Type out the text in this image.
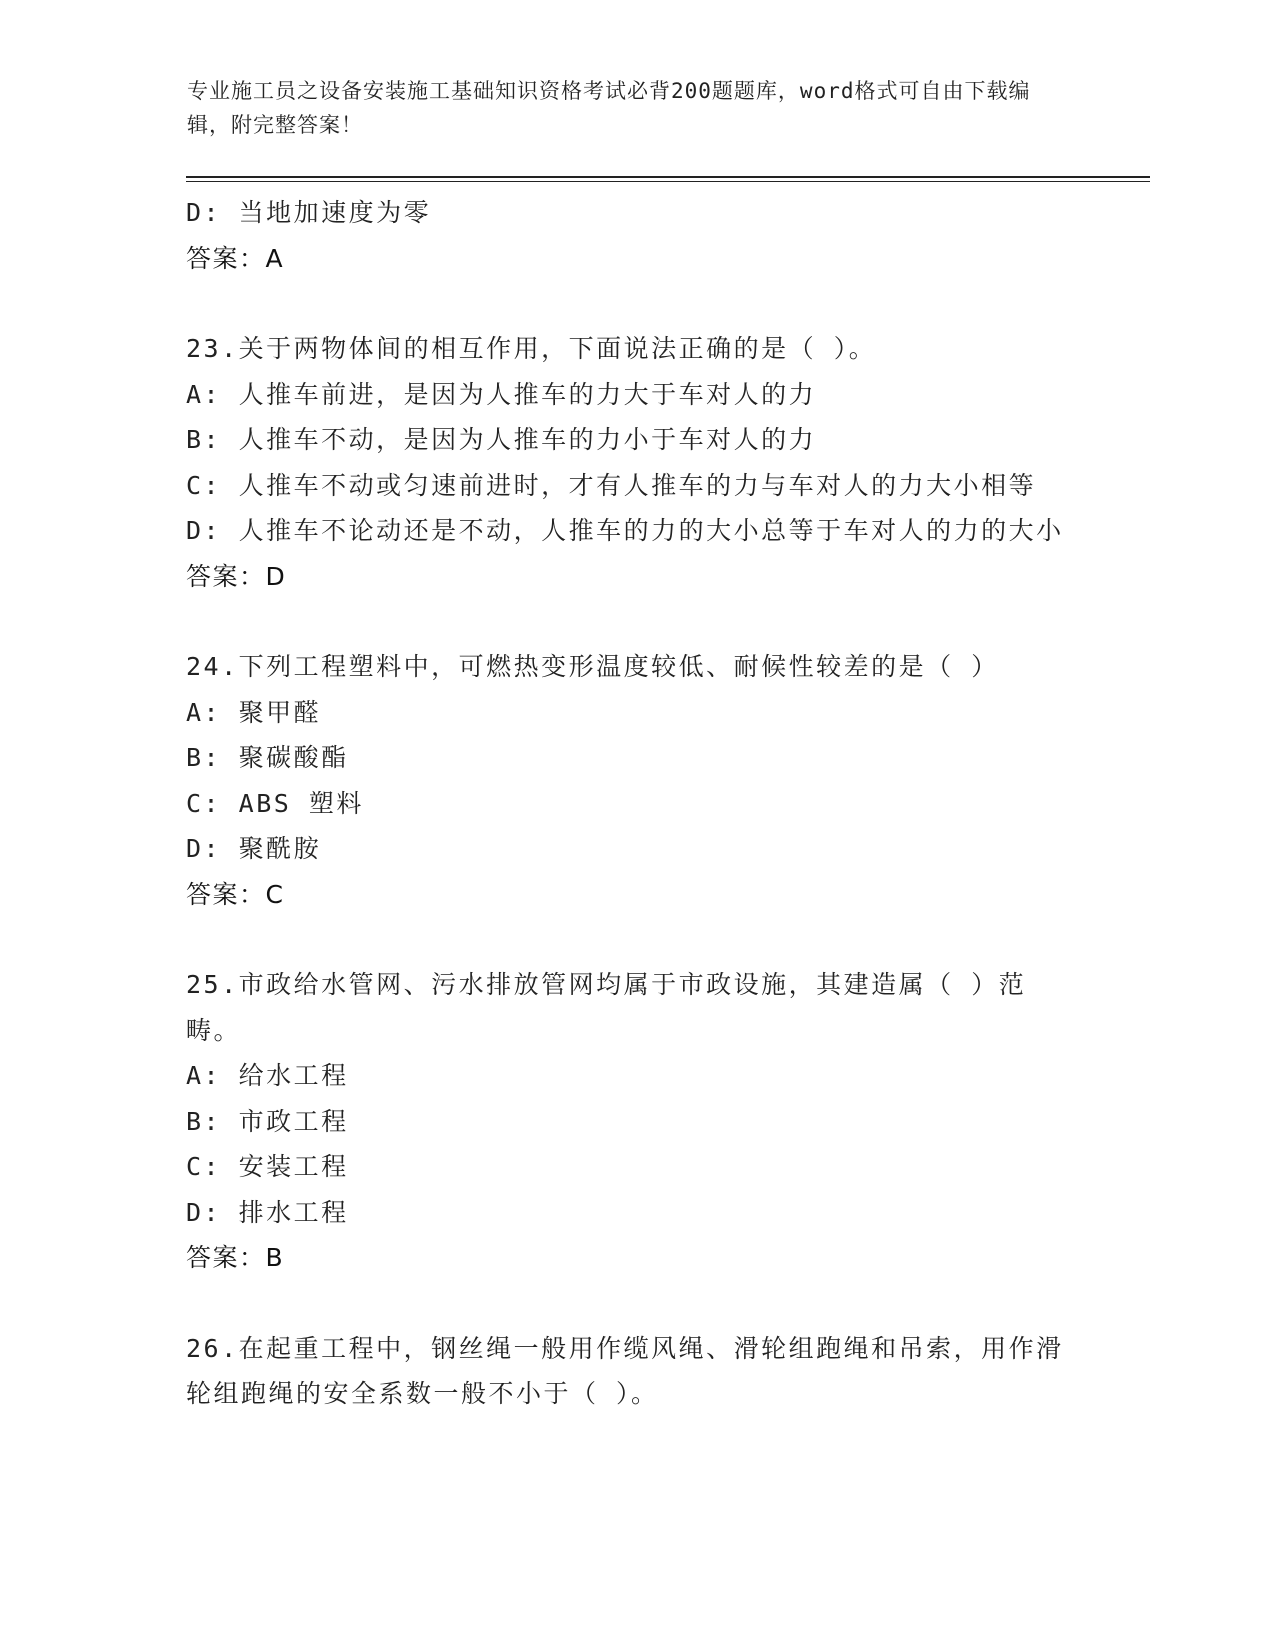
专业施工员之设备安装施工基础知识资格考试必背200题题库，word格式可自由下载编辑，附完整答案！
D: 当地加速度为零
答案：A
23.关于两物体间的相互作用，下面说法正确的是（ ）。
A: 人推车前进，是因为人推车的力大于车对人的力
B: 人推车不动，是因为人推车的力小于车对人的力
C: 人推车不动或匀速前进时，才有人推车的力与车对人的力大小相等
D: 人推车不论动还是不动，人推车的力的大小总等于车对人的力的大小
答案：D
24.下列工程塑料中，可燃热变形温度较低、耐候性较差的是（ ）
A: 聚甲醛
B: 聚碳酸酯
C: ABS 塑料
D: 聚酰胺
答案：C
25.市政给水管网、污水排放管网均属于市政设施，其建造属（ ）范畴。
A: 给水工程
B: 市政工程
C: 安装工程
D: 排水工程
答案：B
26.在起重工程中，钢丝绳一般用作缆风绳、滑轮组跑绳和吊索，用作滑轮组跑绳的安全系数一般不小于（ ）。
